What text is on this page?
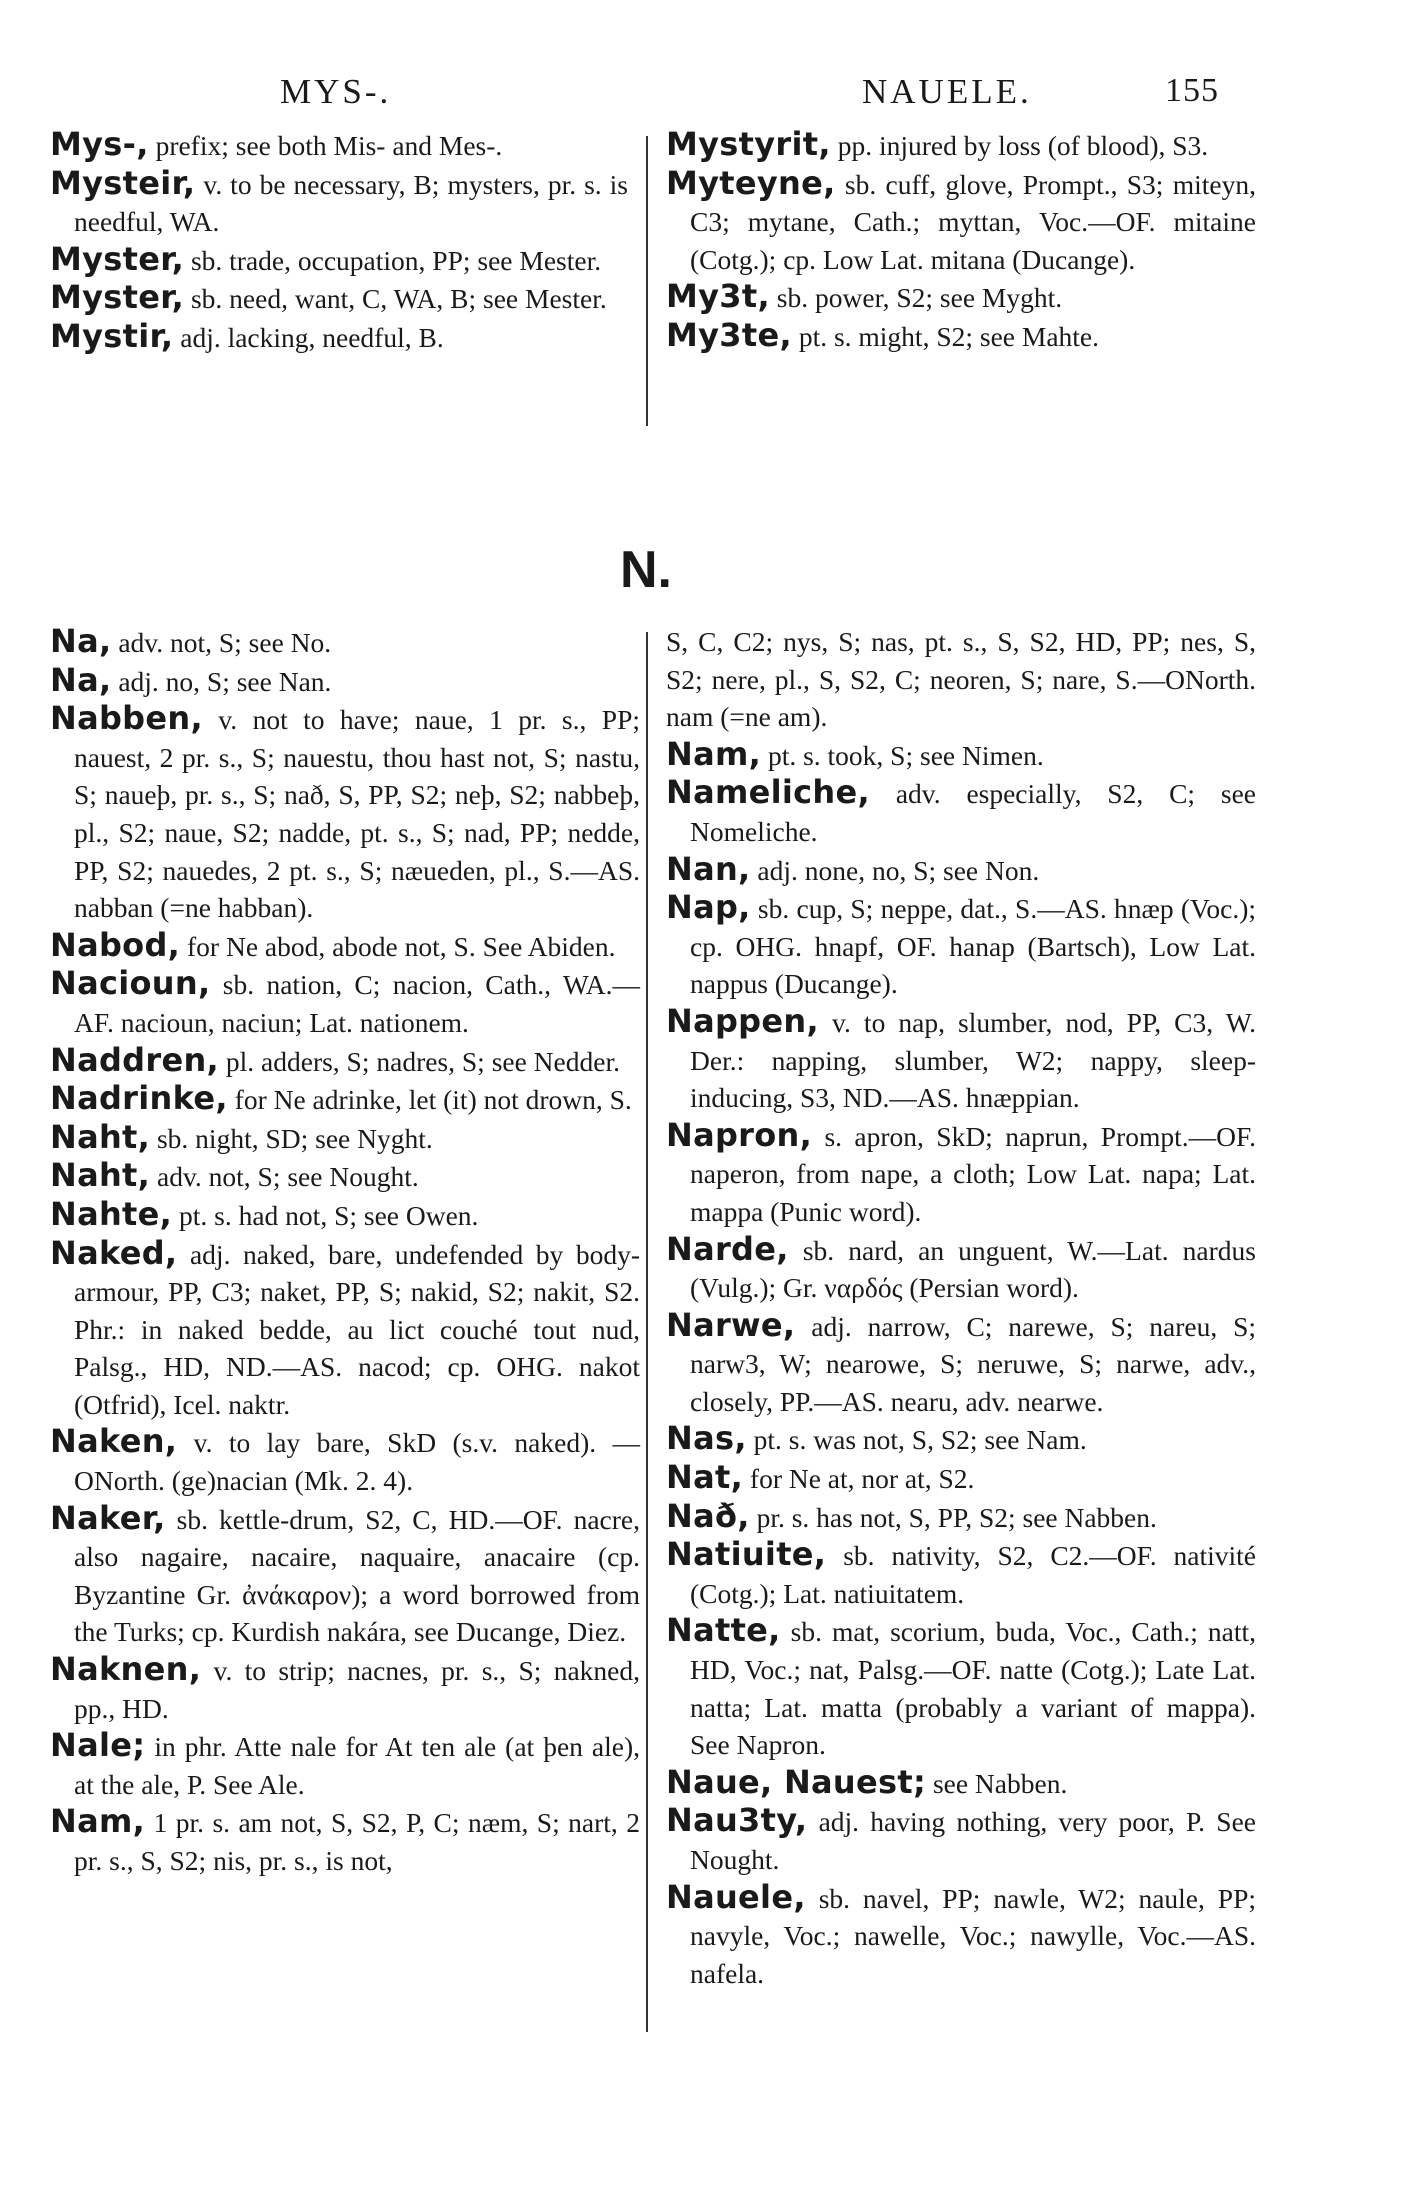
MYS-.	NAUELE.	155

Mys-, prefix; see both Mis- and Mes-.

Mysteir, v. to be necessary, B; mysters, pr. s. is needful, WA.

Myster, sb. trade, occupation, PP; see Mester.

Myster, sb. need, want, C, WA, B; see Mester.

Mystir, adj. lacking, needful, B.

Mystyrit, pp. injured by loss (of blood), S3.

Myteyne, sb. cuff, glove, Prompt., S3; miteyn, C3; mytane, Cath.; myttan, Voc.—OF. mitaine (Cotg.); cp. Low Lat. mitana (Ducange).

My3t, sb. power, S2; see Myght.

My3te, pt. s. might, S2; see Mahte.

N.

Na, adv. not, S; see No.

Na, adj. no, S; see Nan.

Nabben, v. not to have; naue, 1 pr. s., PP; nauest, 2 pr. s., S; nauestu, thou hast not, S; nastu, S; naueþ, pr. s., S; nað, S, PP, S2; neþ, S2; nabbeþ, pl., S2; naue, S2; nadde, pt. s., S; nad, PP; nedde, PP, S2; nauedes, 2 pt. s., S; næueden, pl., S.—AS. nabban (=ne habban).

Nabod, for Ne abod, abode not, S. See Abiden.

Nacioun, sb. nation, C; nacion, Cath., WA.—AF. nacioun, naciun; Lat. nationem.

Naddren, pl. adders, S; nadres, S; see Nedder.

Nadrinke, for Ne adrinke, let (it) not drown, S.

Naht, sb. night, SD; see Nyght.

Naht, adv. not, S; see Nought.

Nahte, pt. s. had not, S; see Owen.

Naked, adj. naked, bare, undefended by body-armour, PP, C3; naket, PP, S; nakid, S2; nakit, S2. Phr.: in naked bedde, au lict couché tout nud, Palsg., HD, ND.—AS. nacod; cp. OHG. nakot (Otfrid), Icel. naktr.

Naken, v. to lay bare, SkD (s.v. naked). —ONorth. (ge)nacian (Mk. 2. 4).

Naker, sb. kettle-drum, S2, C, HD.—OF. nacre, also nagaire, nacaire, naquaire, anacaire (cp. Byzantine Gr. ἀνάκαρον); a word borrowed from the Turks; cp. Kurdish nakára, see Ducange, Diez.

Naknen, v. to strip; nacnes, pr. s., S; nakned, pp., HD.

Nale; in phr. Atte nale for At ten ale (at þen ale), at the ale, P. See Ale.

Nam, 1 pr. s. am not, S, S2, P, C; næm, S; nart, 2 pr. s., S, S2; nis, pr. s., is not,

S, C, C2; nys, S; nas, pt. s., S, S2, HD, PP; nes, S, S2; nere, pl., S, S2, C; neoren, S; nare, S.—ONorth. nam (=ne am).

Nam, pt. s. took, S; see Nimen.

Nameliche, adv. especially, S2, C; see Nomeliche.

Nan, adj. none, no, S; see Non.

Nap, sb. cup, S; neppe, dat., S.—AS. hnæp (Voc.); cp. OHG. hnapf, OF. hanap (Bartsch), Low Lat. nappus (Ducange).

Nappen, v. to nap, slumber, nod, PP, C3, W. Der.: napping, slumber, W2; nappy, sleep-inducing, S3, ND.—AS. hnæppian.

Napron, s. apron, SkD; naprun, Prompt.—OF. naperon, from nape, a cloth; Low Lat. napa; Lat. mappa (Punic word).

Narde, sb. nard, an unguent, W.—Lat. nardus (Vulg.); Gr. ναρδός (Persian word).

Narwe, adj. narrow, C; narewe, S; nareu, S; narw3, W; nearowe, S; neruwe, S; narwe, adv., closely, PP.—AS. nearu, adv. nearwe.

Nas, pt. s. was not, S, S2; see Nam.

Nat, for Ne at, nor at, S2.

Nað, pr. s. has not, S, PP, S2; see Nabben.

Natiuite, sb. nativity, S2, C2.—OF. nativité (Cotg.); Lat. natiuitatem.

Natte, sb. mat, scorium, buda, Voc., Cath.; natt, HD, Voc.; nat, Palsg.—OF. natte (Cotg.); Late Lat. natta; Lat. matta (probably a variant of mappa). See Napron.

Naue, Nauest; see Nabben.

Nau3ty, adj. having nothing, very poor, P. See Nought.

Nauele, sb. navel, PP; nawle, W2; naule, PP; navyle, Voc.; nawelle, Voc.; nawylle, Voc.—AS. nafela.
